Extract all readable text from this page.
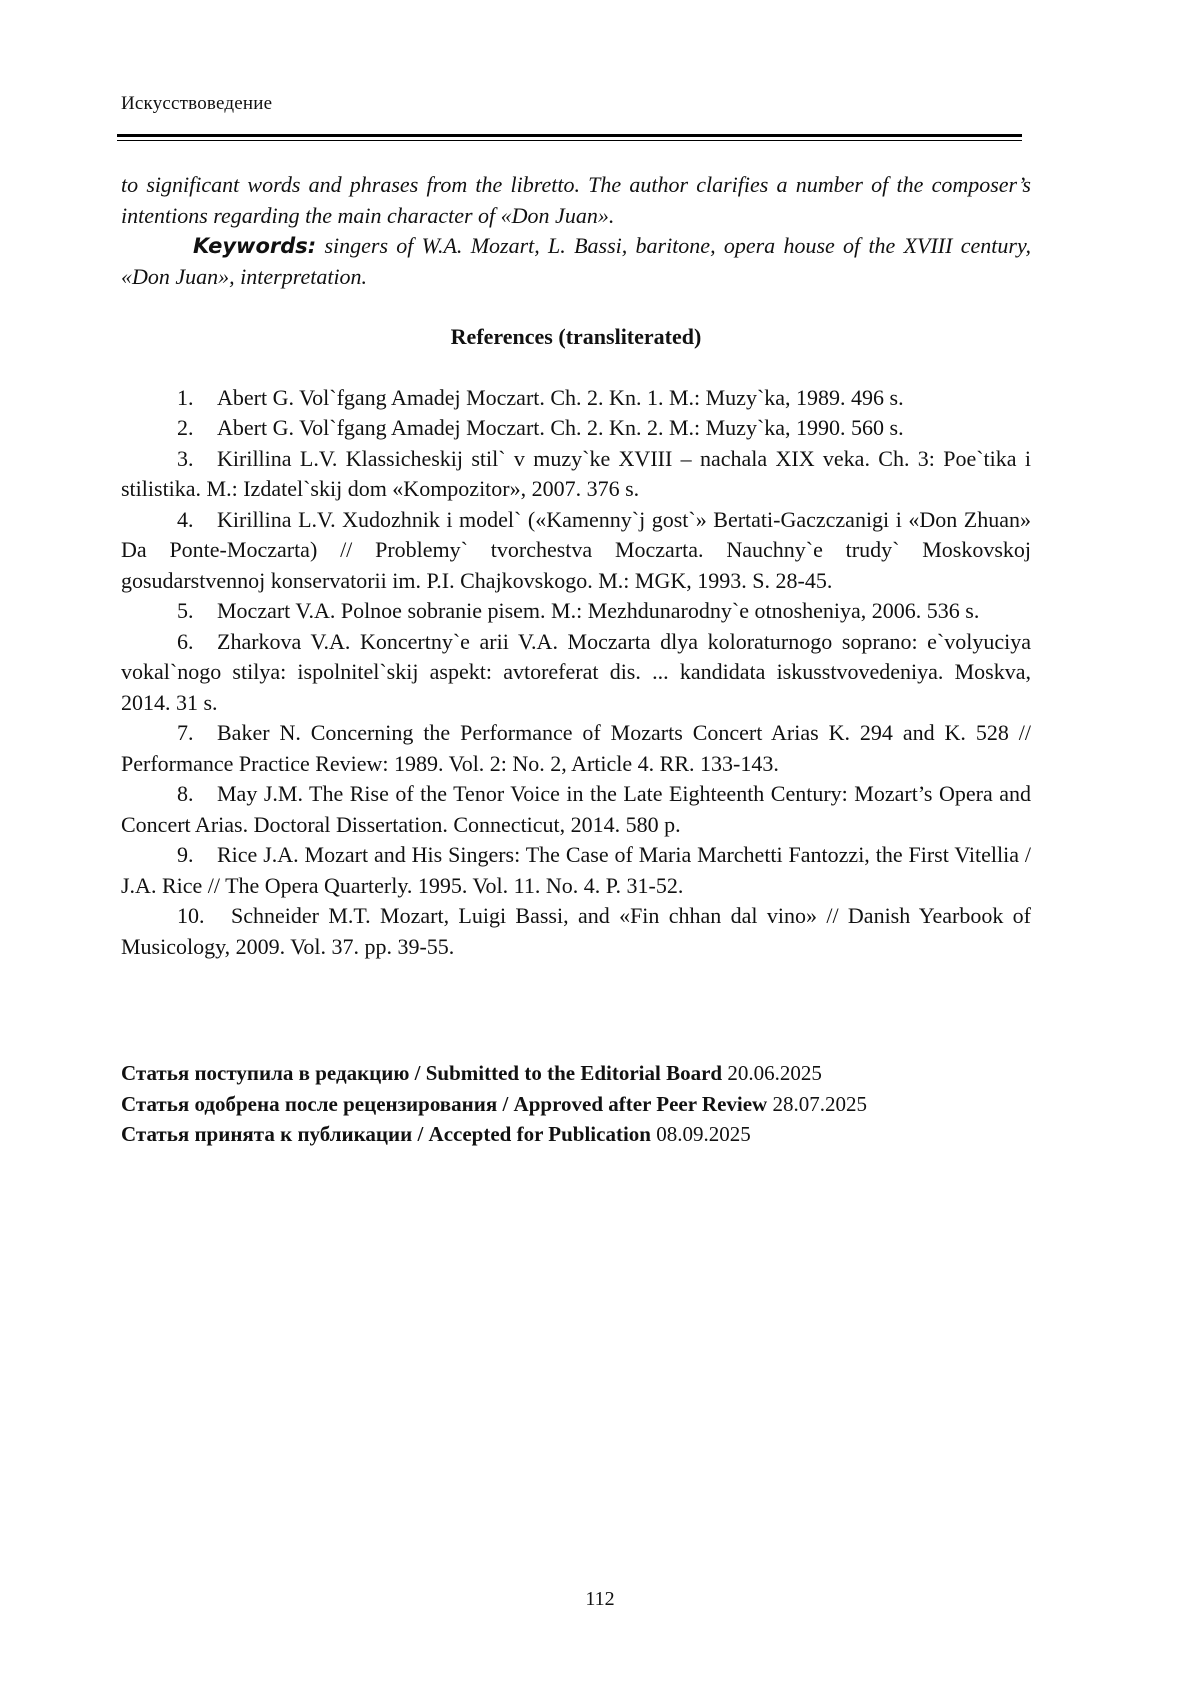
Искусствоведение

to significant words and phrases from the libretto. The author clarifies a number of the composer’s intentions regarding the main character of «Don Juan».

Keywords: singers of W.A. Mozart, L. Bassi, baritone, opera house of the XVIII century, «Don Juan», interpretation.

References (transliterated)

1. Abert G. Vol`fgang Amadej Moczart. Ch. 2. Kn. 1. M.: Muzy`ka, 1989. 496 s.

2. Abert G. Vol`fgang Amadej Moczart. Ch. 2. Kn. 2. M.: Muzy`ka, 1990. 560 s.

3. Kirillina L.V. Klassicheskij stil` v muzy`ke XVIII – nachala XIX veka. Ch. 3: Poe`tika i stilistika. M.: Izdatel`skij dom «Kompozitor», 2007. 376 s.

4. Kirillina L.V. Xudozhnik i model` («Kamenny`j gost`» Bertati-Gaczczanigi i «Don Zhuan» Da Ponte-Moczarta) // Problemy` tvorchestva Moczarta. Nauchny`e trudy` Moskovskoj gosudarstvennoj konservatorii im. P.I. Chajkovskogo. M.: MGK, 1993. S. 28-45.

5. Moczart V.A. Polnoe sobranie pisem. M.: Mezhdunarodny`e otnosheniya, 2006. 536 s.

6. Zharkova V.A. Koncertny`e arii V.A. Moczarta dlya koloraturnogo soprano: e`volyuciya vokal`nogo stilya: ispolnitel`skij aspekt: avtoreferat dis. ... kandidata iskusstvovedeniya. Moskva, 2014. 31 s.

7. Baker N. Concerning the Performance of Mozarts Concert Arias K. 294 and K. 528 // Performance Practice Review: 1989. Vol. 2: No. 2, Article 4. RR. 133-143.

8. May J.M. The Rise of the Tenor Voice in the Late Eighteenth Century: Mozart’s Opera and Concert Arias. Doctoral Dissertation. Connecticut, 2014. 580 p.

9. Rice J.A. Mozart and His Singers: The Case of Maria Marchetti Fantozzi, the First Vitellia / J.A. Rice // The Opera Quarterly. 1995. Vol. 11. No. 4. P. 31-52.

10. Schneider M.T. Mozart, Luigi Bassi, and «Fin chhan dal vino» // Danish Yearbook of Musicology, 2009. Vol. 37. pp. 39-55.

Статья поступила в редакцию / Submitted to the Editorial Board 20.06.2025

Статья одобрена после рецензирования / Approved after Peer Review 28.07.2025

Статья принята к публикации / Accepted for Publication 08.09.2025

112
